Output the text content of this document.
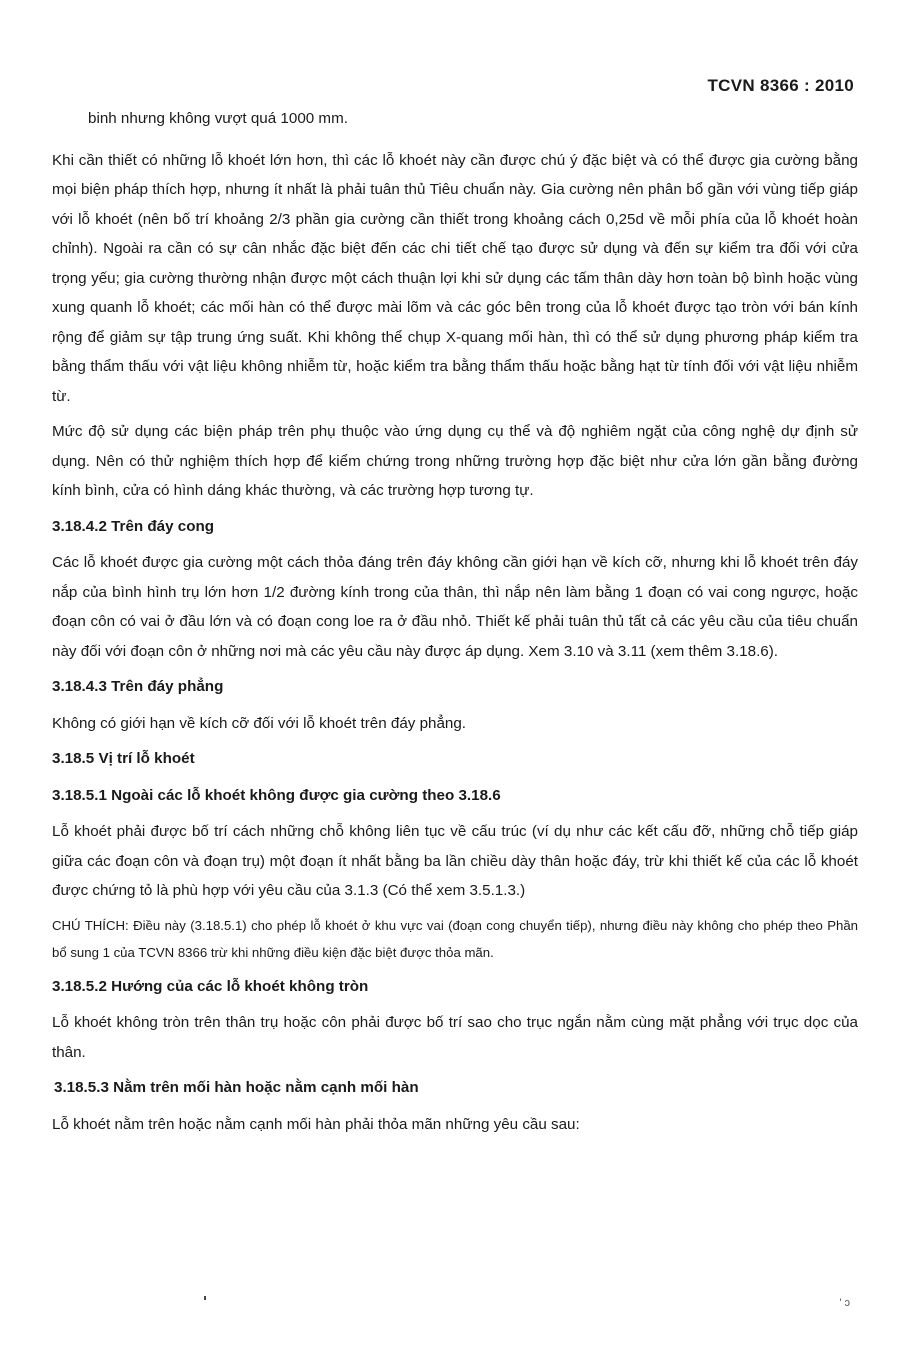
TCVN 8366 : 2010

binh nhưng không vượt quá 1000 mm.

Khi cần thiết có những lỗ khoét lớn hơn, thì các lỗ khoét này cần được chú ý đặc biệt và có thể được gia cường bằng mọi biện pháp thích hợp, nhưng ít nhất là phải tuân thủ Tiêu chuẩn này. Gia cường nên phân bổ gần với vùng tiếp giáp với lỗ khoét (nên bố trí khoảng 2/3 phần gia cường cần thiết trong khoảng cách 0,25d về mỗi phía của lỗ khoét hoàn chỉnh). Ngoài ra cần có sự cân nhắc đặc biệt đến các chi tiết chế tạo được sử dụng và đến sự kiểm tra đối với cửa trọng yếu; gia cường thường nhận được một cách thuận lợi khi sử dụng các tấm thân dày hơn toàn bộ bình hoặc vùng xung quanh lỗ khoét; các mối hàn có thể được mài lõm và các góc bên trong của lỗ khoét được tạo tròn với bán kính rộng để giảm sự tập trung ứng suất. Khi không thể chụp X-quang mối hàn, thì có thể sử dụng phương pháp kiểm tra bằng thẩm thấu với vật liệu không nhiễm từ, hoặc kiểm tra bằng thẩm thấu hoặc bằng hạt từ tính đối với vật liệu nhiễm từ.

Mức độ sử dụng các biện pháp trên phụ thuộc vào ứng dụng cụ thể và độ nghiêm ngặt của công nghệ dự định sử dụng. Nên có thử nghiệm thích hợp để kiểm chứng trong những trường hợp đặc biệt như cửa lớn gần bằng đường kính bình, cửa có hình dáng khác thường, và các trường hợp tương tự.

3.18.4.2 Trên đáy cong

Các lỗ khoét được gia cường một cách thỏa đáng trên đáy không cần giới hạn về kích cỡ, nhưng khi lỗ khoét trên đáy nắp của bình hình trụ lớn hơn 1/2 đường kính trong của thân, thì nắp nên làm bằng 1 đoạn có vai cong ngược, hoặc đoạn côn có vai ở đầu lớn và có đoạn cong loe ra ở đầu nhỏ. Thiết kế phải tuân thủ tất cả các yêu cầu của tiêu chuẩn này đối với đoạn côn ở những nơi mà các yêu cầu này được áp dụng. Xem 3.10 và 3.11 (xem thêm 3.18.6).

3.18.4.3 Trên đáy phẳng

Không có giới hạn về kích cỡ đối với lỗ khoét trên đáy phẳng.

3.18.5 Vị trí lỗ khoét
3.18.5.1 Ngoài các lỗ khoét không được gia cường theo 3.18.6

Lỗ khoét phải được bố trí cách những chỗ không liên tục về cấu trúc (ví dụ như các kết cấu đỡ, những chỗ tiếp giáp giữa các đoạn côn và đoạn trụ) một đoạn ít nhất bằng ba lần chiều dày thân hoặc đáy, trừ khi thiết kế của các lỗ khoét được chứng tỏ là phù hợp với yêu cầu của 3.1.3 (Có thể xem 3.5.1.3.)

CHÚ THÍCH: Điều này (3.18.5.1) cho phép lỗ khoét ở khu vực vai (đoạn cong chuyển tiếp), nhưng điều này không cho phép theo Phần bổ sung 1 của TCVN 8366 trừ khi những điều kiện đặc biệt được thỏa mãn.

3.18.5.2 Hướng của các lỗ khoét không tròn

Lỗ khoét không tròn trên thân trụ hoặc côn phải được bố trí sao cho trục ngắn nằm cùng mặt phẳng với trục dọc của thân.

3.18.5.3 Nằm trên mối hàn hoặc nằm cạnh mối hàn

Lỗ khoét nằm trên hoặc nằm cạnh mối hàn phải thỏa mãn những yêu cầu sau:

' ↄ
